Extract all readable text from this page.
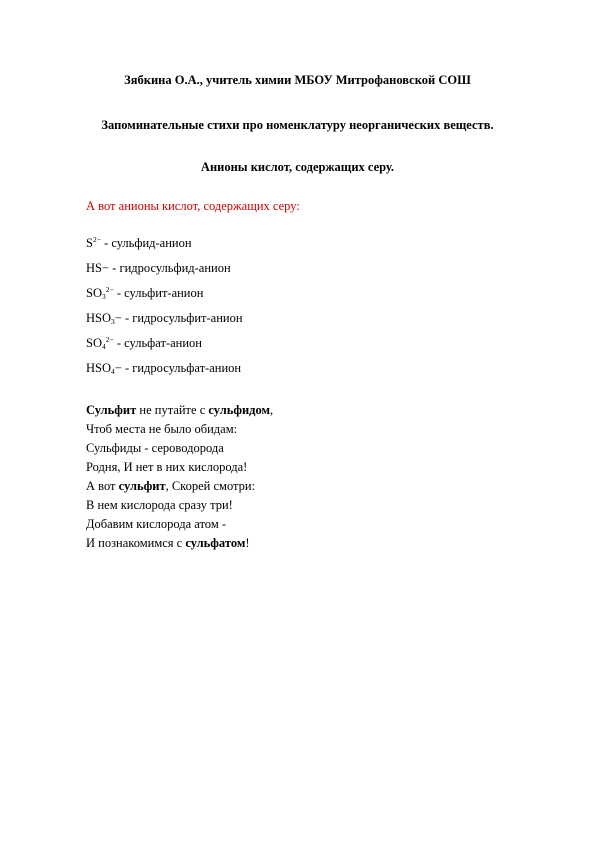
Зябкина О.А., учитель химии МБОУ Митрофановской СОШ
Запоминательные стихи про номенклатуру неорганических веществ.
Анионы кислот, содержащих серу.
А вот анионы кислот, содержащих серу:
$S^{2-}$ - сульфид-анион
HS− - гидросульфид-анион
$SO_3^{2-}$ - сульфит-анион
$HSO_3-$ - гидросульфит-анион
$SO_4^{2-}$ - сульфат-анион
$HSO_4-$ - гидросульфат-анион
Сульфит не путайте с сульфидом,
Чтоб места не было обидам:
Сульфиды - сероводорода
Родня, И нет в них кислорода!
А вот сульфит, Скорей смотри:
В нем кислорода сразу три!
Добавим кислорода атом -
И познакомимся с сульфатом!
